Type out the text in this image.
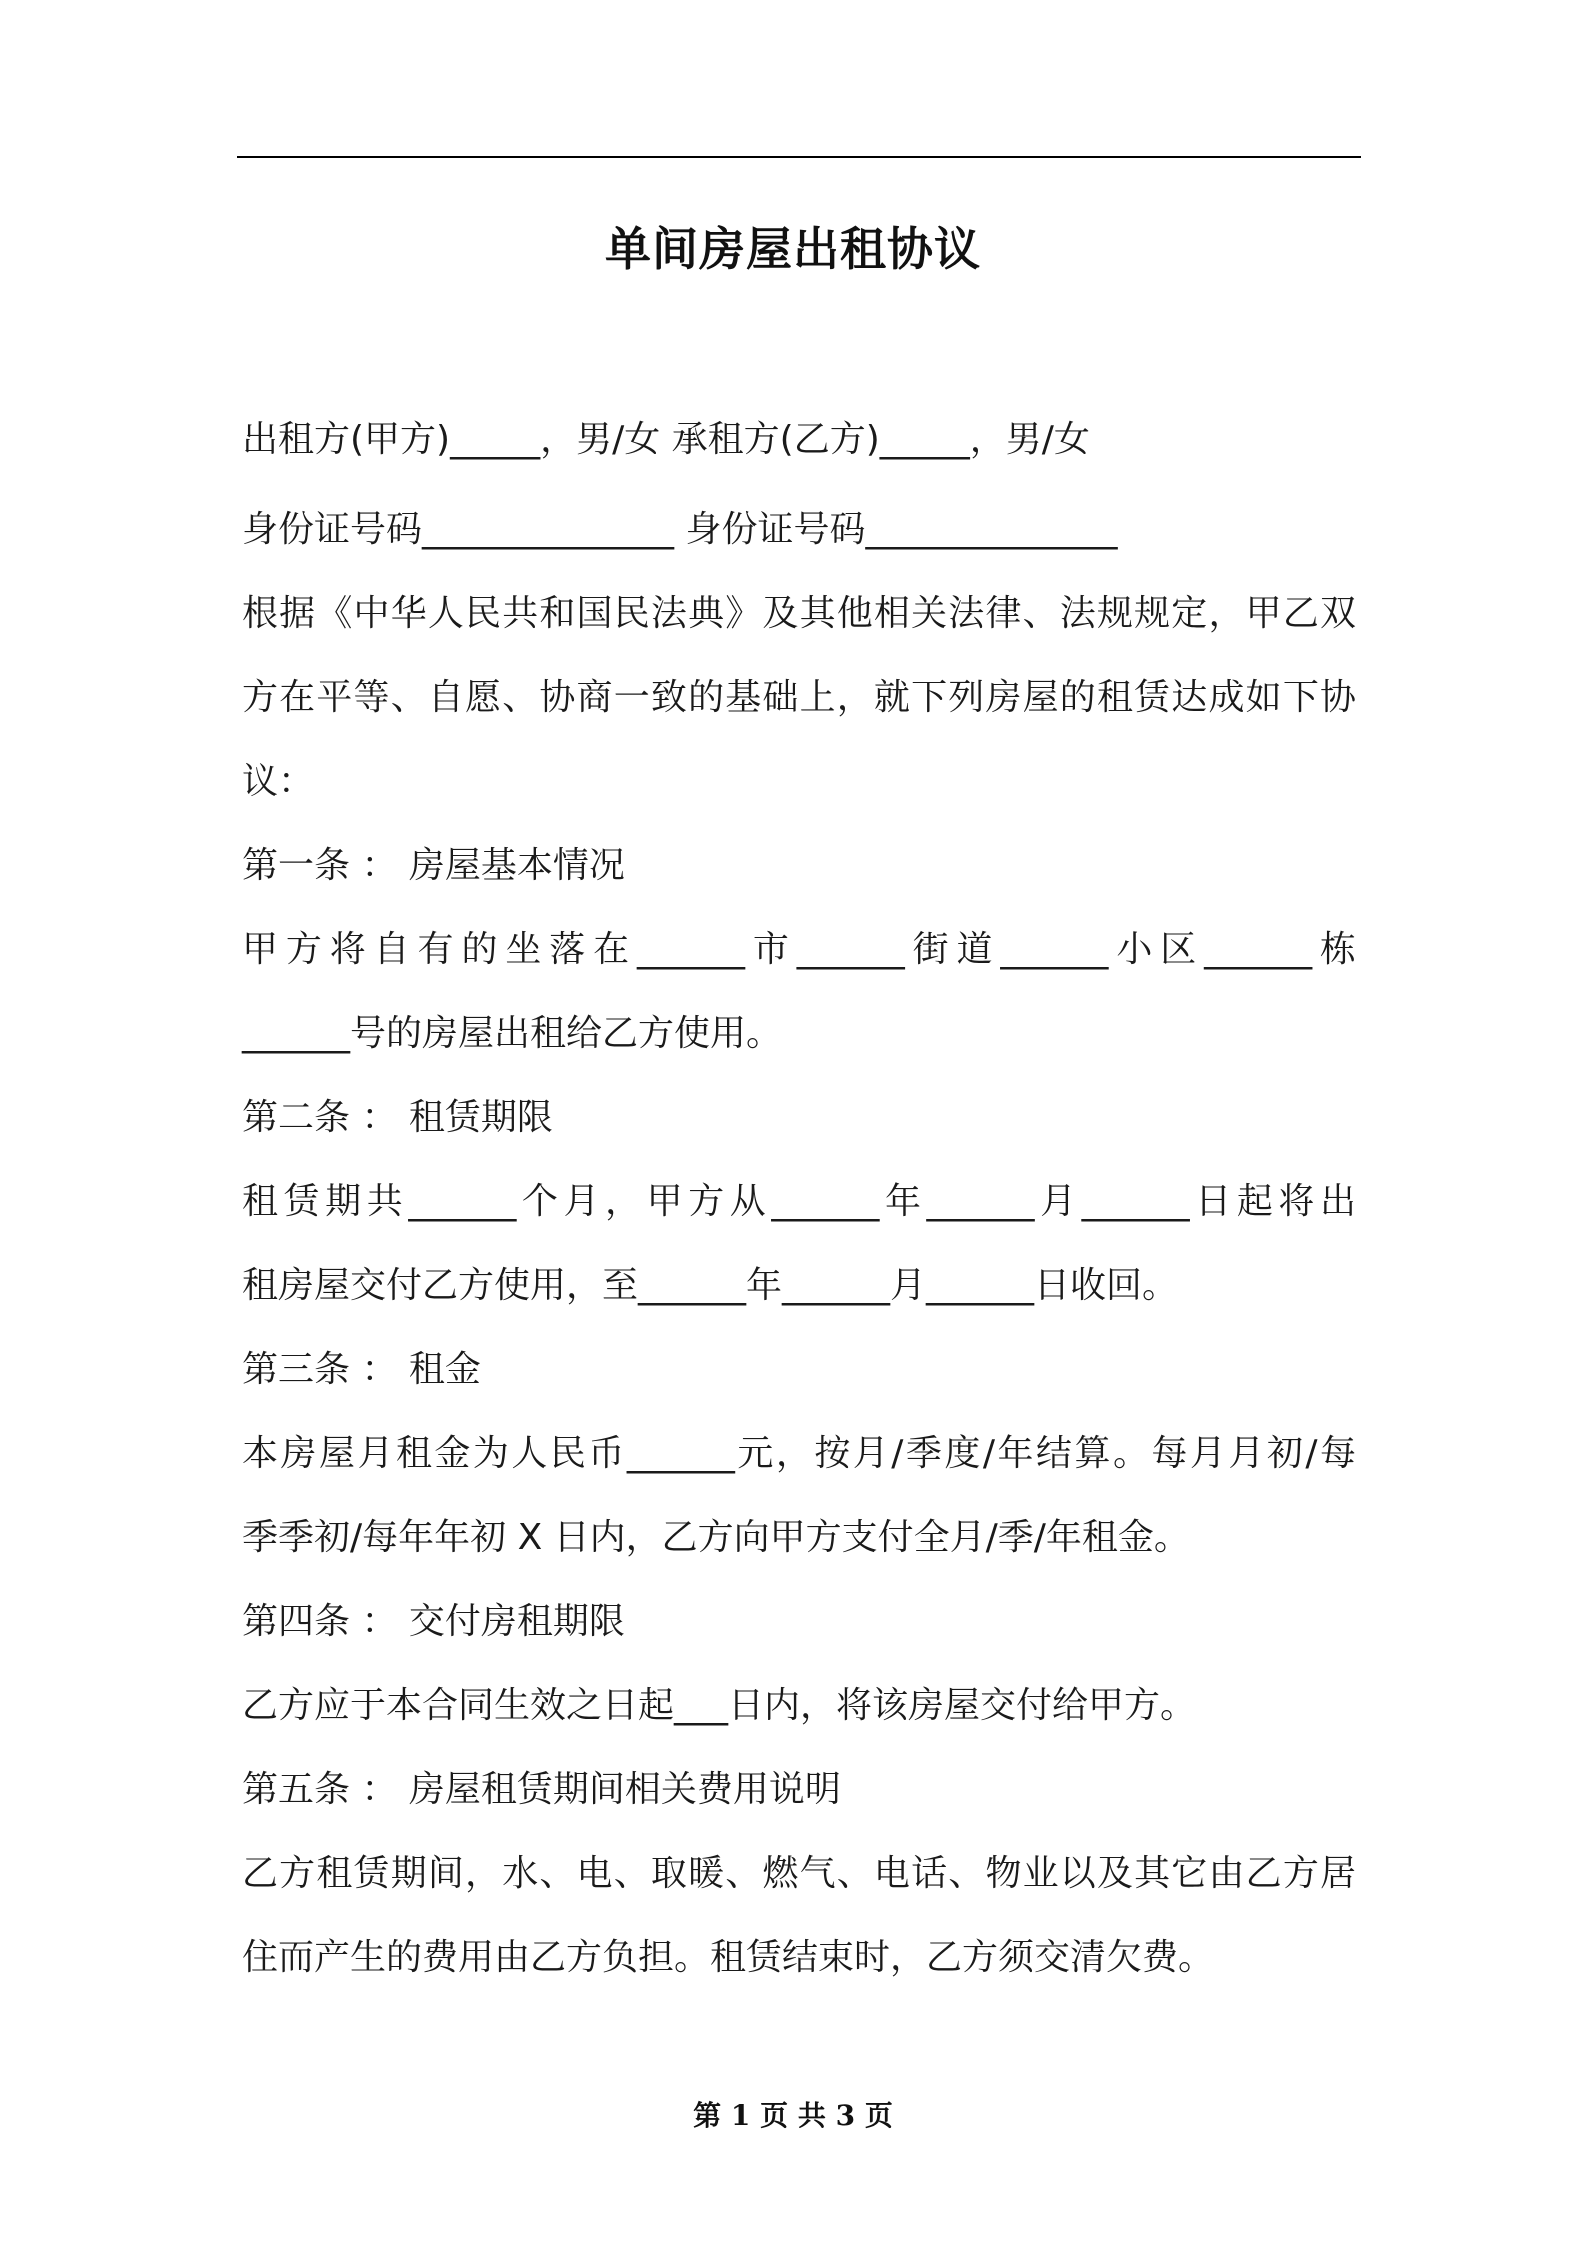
单间房屋出租协议
出租方(甲方)_____，男/女 承租方(乙方)_____，男/女
身份证号码______________ 身份证号码______________
根据《中华人民共和国民法典》及其他相关法律、法规规定，甲乙双
方在平等、自愿、协商一致的基础上，就下列房屋的租赁达成如下协
议：
第一条 ： 房屋基本情况
甲方将自有的坐落在______市______街道______小区______栋
______号的房屋出租给乙方使用。
第二条 ： 租赁期限
租赁期共______个月，甲方从______年______月______日起将出
租房屋交付乙方使用，至______年______月______日收回。
第三条 ： 租金
本房屋月租金为人民币______元，按月/季度/年结算。每月月初/每
季季初/每年年初 X 日内，乙方向甲方支付全月/季/年租金。
第四条 ： 交付房租期限
乙方应于本合同生效之日起___日内，将该房屋交付给甲方。
第五条 ： 房屋租赁期间相关费用说明
乙方租赁期间，水、电、取暖、燃气、电话、物业以及其它由乙方居
住而产生的费用由乙方负担。租赁结束时，乙方须交清欠费。
第 1 页 共 3 页
